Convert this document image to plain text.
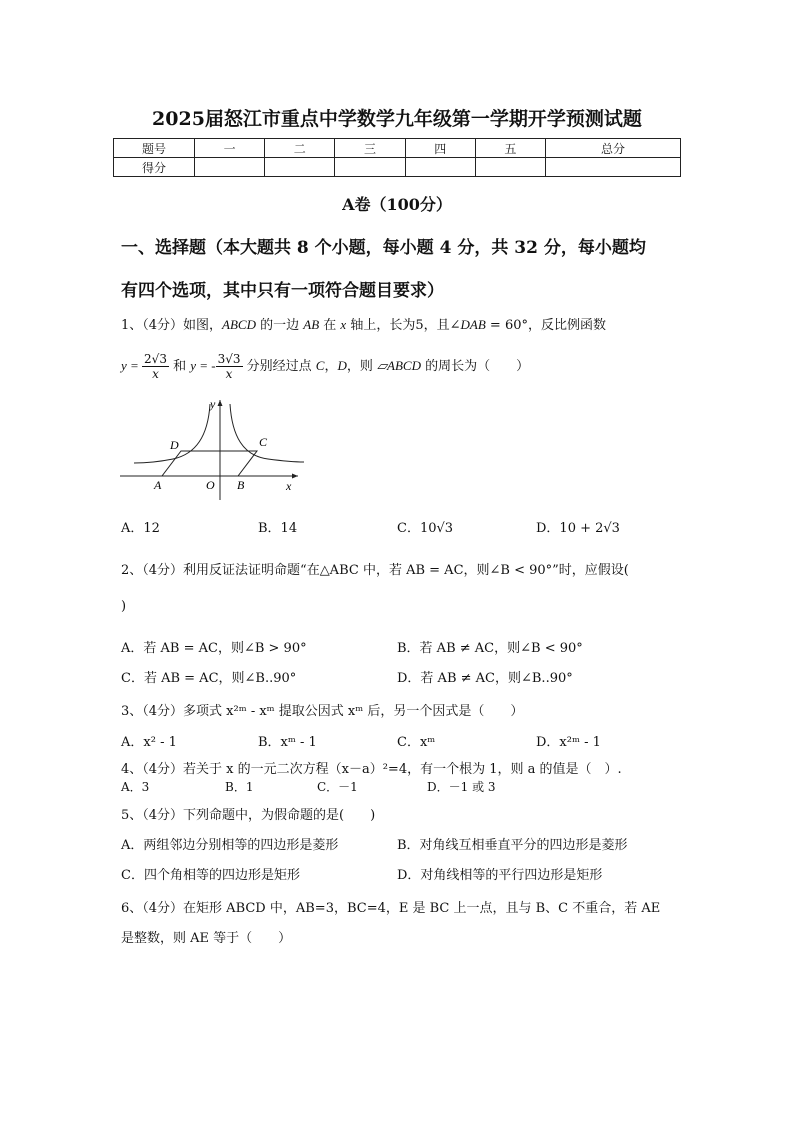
2025届怒江市重点中学数学九年级第一学期开学预测试题
题号	一	二	三	四	五	总分
得分						
A卷（100分）
一、选择题（本大题共 8 个小题，每小题 4 分，共 32 分，每小题均
有四个选项，其中只有一项符合题目要求）
1、（4分）如图，ABCD 的一边 AB 在 x 轴上，长为5，且∠DAB = 60°，反比例函数
$y = \frac{2√3}{x}$ 和 y = - $\frac{3√3}{x}$ 分别经过点 C，D，则 ▱ABCD 的周长为（　　）
y
x
D	C
A	O B
A．12	B．14	C．10√3	D．10 + 2√3
2、（4分）利用反证法证明命题“在△ABC 中，若 AB = AC，则∠B < 90°”时，应假设(
)
A．若 AB = AC，则∠B > 90°	B．若 AB ≠ AC，则∠B < 90°
C．若 AB = AC，则∠B..90°	D．若 AB ≠ AC，则∠B..90°
3、（4分）多项式 x²ᵐ - xᵐ 提取公因式 xᵐ 后，另一个因式是（　　）
A．x² - 1	B．xᵐ - 1	C．xᵐ	D．x²ᵐ - 1
4、（4分）若关于 x 的一元二次方程（x－a）²=4，有一个根为 1，则 a 的值是（　）.
A．3	B．1	C．－1	D．－1 或 3
5、（4分）下列命题中，为假命题的是(　　)
A．两组邻边分别相等的四边形是菱形	B．对角线互相垂直平分的四边形是菱形
C．四个角相等的四边形是矩形	D．对角线相等的平行四边形是矩形
6、（4分）在矩形 ABCD 中，AB=3，BC=4，E 是 BC 上一点，且与 B、C 不重合，若 AE
是整数，则 AE 等于（　　）
